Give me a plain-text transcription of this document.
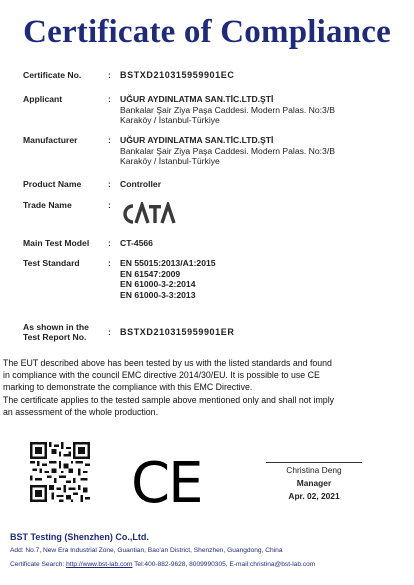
Certificate of Compliance
Certificate No.	: BSTXD210315959901EC
Applicant	: UĞUR AYDINLATMA SAN.TİC.LTD.ŞTİ
Bankalar Şair Ziya Paşa Caddesi. Modern Palas. No:3/B
Karaköy / İstanbul-Türkiye
Manufacturer	: UĞUR AYDINLATMA SAN.TİC.LTD.ŞTİ
Bankalar Şair Ziya Paşa Caddesi. Modern Palas. No:3/B
Karaköy / İstanbul-Türkiye
Product Name	: Controller
Trade Name	:
Main Test Model	: CT-4566
Test Standard	: EN 55015:2013/A1:2015
EN 61547:2009
EN 61000-3-2:2014
EN 61000-3-3:2013
As shown in the
Test Report No.	: BSTXD210315959901ER
The EUT described above has been tested by us with the listed standards and found
in compliance with the council EMC directive 2014/30/EU. It is possible to use CE
marking to demonstrate the compliance with this EMC Directive.
The certificate applies to the tested sample above mentioned only and shall not imply
an assessment of the whole production.
CE	Christina Deng
Manager
Apr. 02, 2021
BST Testing (Shenzhen) Co.,Ltd.
Add: No.7, New Era Industrial Zone, Guantian, Bao'an District, Shenzhen, Guangdong, China
Certificate Search: http://www.bst-lab.com Tel:400-882-9628, 8009990305, E-mail:christina@bst-lab.com
